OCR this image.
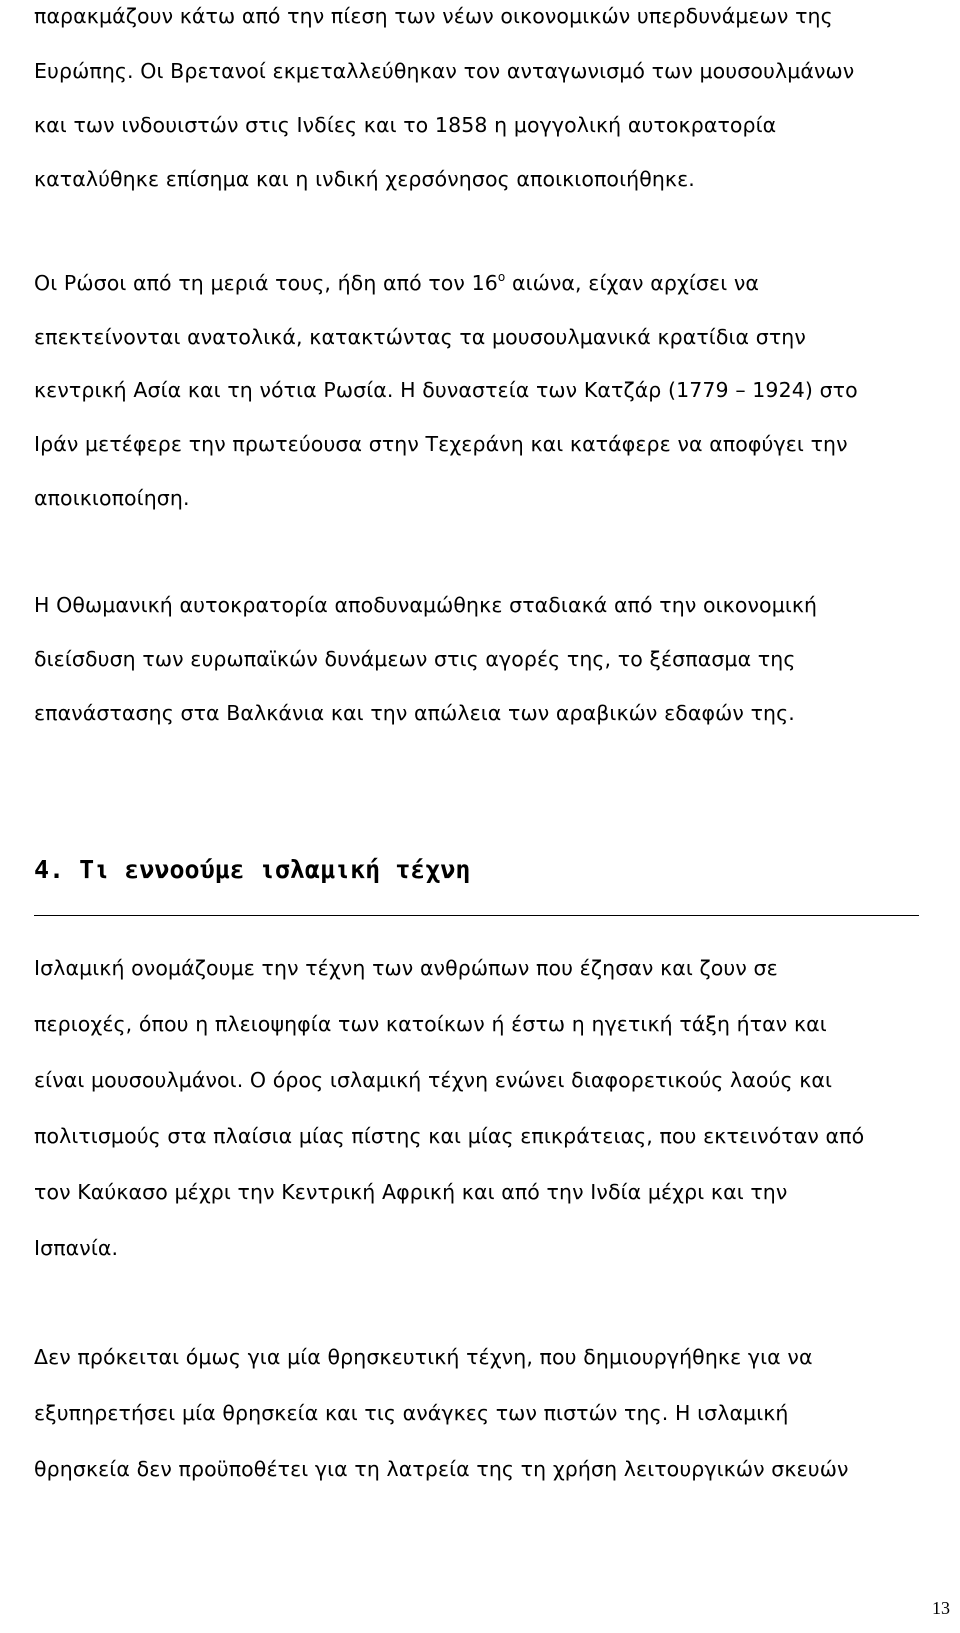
παρακμάζουν κάτω από την πίεση των νέων οικονομικών υπερδυνάμεων της
Ευρώπης. Οι Βρετανοί εκμεταλλεύθηκαν τον ανταγωνισμό των μουσουλμάνων
και των ινδουιστών στις Ινδίες και το 1858 η μογγολική αυτοκρατορία
καταλύθηκε επίσημα και η ινδική χερσόνησος αποικιοποιήθηκε.
Οι Ρώσοι από τη μεριά τους, ήδη από τον $16^o$ αιώνα, είχαν αρχίσει να
επεκτείνονται ανατολικά, κατακτώντας τα μουσουλμανικά κρατίδια στην
κεντρική Ασία και τη νότια Ρωσία. Η δυναστεία των Κατζάρ (1779 – 1924) στο
Ιράν μετέφερε την πρωτεύουσα στην Τεχεράνη και κατάφερε να αποφύγει την
αποικιοποίηση.
Η Οθωμανική αυτοκρατορία αποδυναμώθηκε σταδιακά από την οικονομική
διείσδυση των ευρωπαϊκών δυνάμεων στις αγορές της, το ξέσπασμα της
επανάστασης στα Βαλκάνια και την απώλεια των αραβικών εδαφών της.
4. Τι εννοούμε ισλαμική τέχνη
Ισλαμική ονομάζουμε την τέχνη των ανθρώπων που έζησαν και ζουν σε
περιοχές, όπου η πλειοψηφία των κατοίκων ή έστω η ηγετική τάξη ήταν και
είναι μουσουλμάνοι. Ο όρος ισλαμική τέχνη ενώνει διαφορετικούς λαούς και
πολιτισμούς στα πλαίσια μίας πίστης και μίας επικράτειας, που εκτεινόταν από
τον Καύκασο μέχρι την Κεντρική Αφρική και από την Ινδία μέχρι και την
Ισπανία.
Δεν πρόκειται όμως για μία θρησκευτική τέχνη, που δημιουργήθηκε για να
εξυπηρετήσει μία θρησκεία και τις ανάγκες των πιστών της. Η ισλαμική
θρησκεία δεν προϋποθέτει για τη λατρεία της τη χρήση λειτουργικών σκευών
13
